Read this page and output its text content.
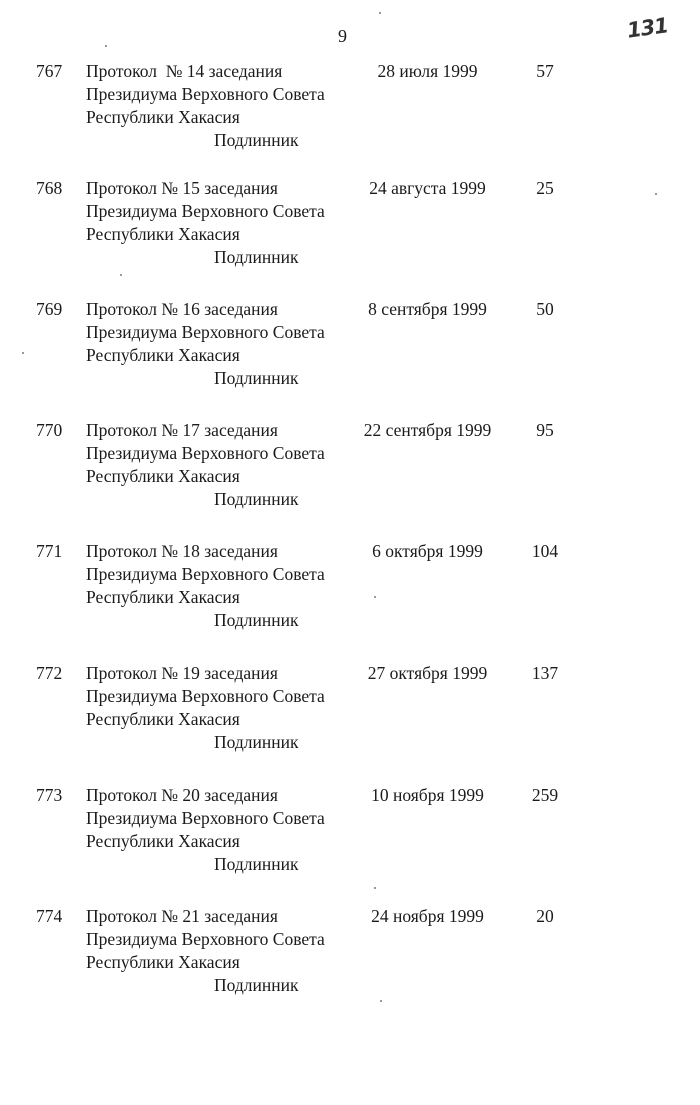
9	131
767 Протокол  № 14 заседания
Президиума Верховного Совета
Республики Хакасия
Подлинник
28 июля 1999	57
768 Протокол № 15 заседания
Президиума Верховного Совета
Республики Хакасия
Подлинник
24 августа 1999	25
769 Протокол № 16 заседания
Президиума Верховного Совета
Республики Хакасия
Подлинник
8 сентября 1999	50
770 Протокол № 17 заседания
Президиума Верховного Совета
Республики Хакасия
Подлинник
22 сентября 1999	95
771 Протокол № 18 заседания
Президиума Верховного Совета
Республики Хакасия
Подлинник
6 октября 1999	104
772 Протокол № 19 заседания
Президиума Верховного Совета
Республики Хакасия
Подлинник
27 октября 1999	137
773 Протокол № 20 заседания
Президиума Верховного Совета
Республики Хакасия
Подлинник
10 ноября 1999	259
774 Протокол № 21 заседания
Президиума Верховного Совета
Республики Хакасия
Подлинник
24 ноября 1999	20
